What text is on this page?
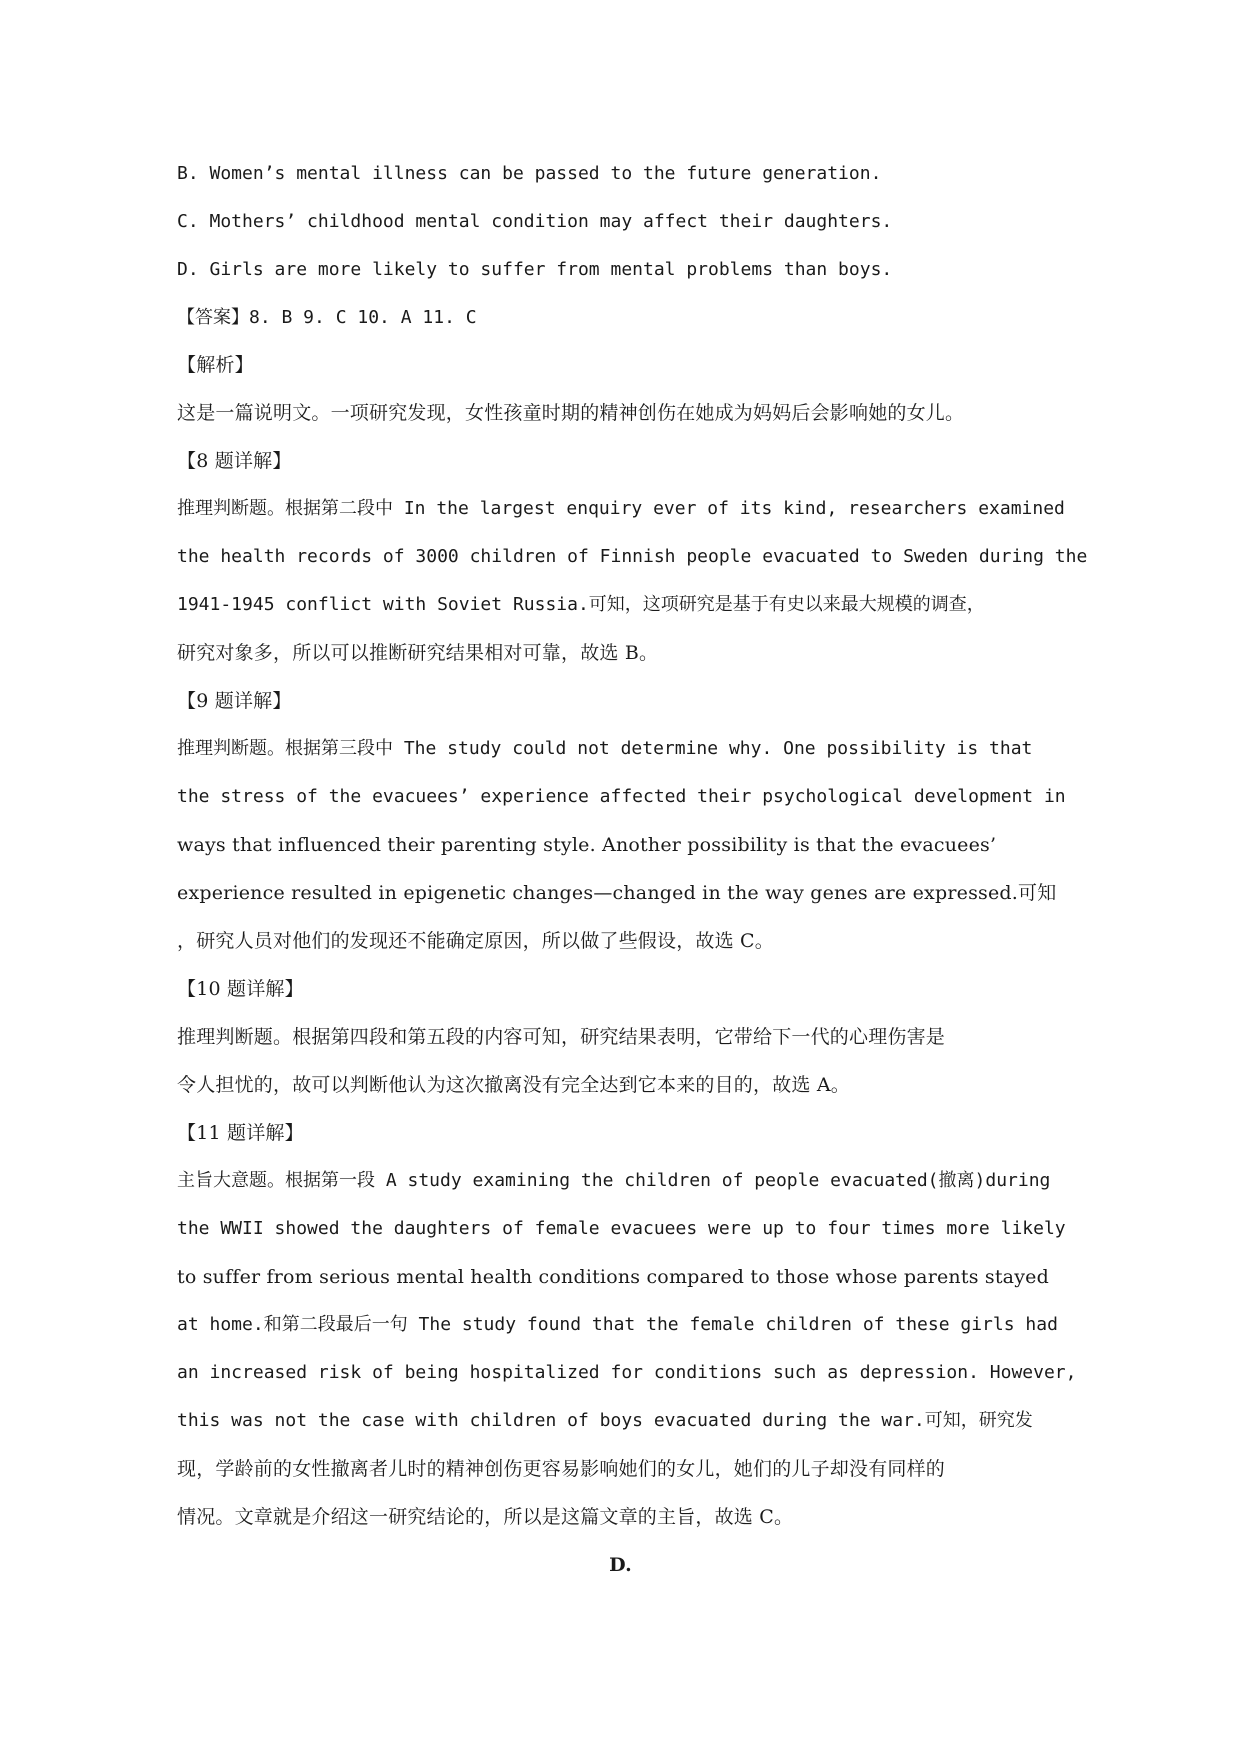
B. Women’s mental illness can be passed to the future generation.
C. Mothers’ childhood mental condition may affect their daughters.
D. Girls are more likely to suffer from mental problems than boys.
【答案】8. B 9. C 10. A 11. C
【解析】
这是一篇说明文。一项研究发现，女性孩童时期的精神创伤在她成为妈妈后会影响她的女儿。
【8 题详解】
推理判断题。根据第二段中 In the largest enquiry ever of its kind, researchers examined
the health records of 3000 children of Finnish people evacuated to Sweden during the
1941-1945 conflict with Soviet Russia.可知，这项研究是基于有史以来最大规模的调查，
研究对象多，所以可以推断研究结果相对可靠，故选 B。
【9 题详解】
推理判断题。根据第三段中 The study could not determine why. One possibility is that
the stress of the evacuees’ experience affected their psychological development in
ways that influenced their parenting style. Another possibility is that the evacuees’
experience resulted in epigenetic changes—changed in the way genes are expressed.可知
，研究人员对他们的发现还不能确定原因，所以做了些假设，故选 C。
【10 题详解】
推理判断题。根据第四段和第五段的内容可知，研究结果表明，它带给下一代的心理伤害是
令人担忧的，故可以判断他认为这次撤离没有完全达到它本来的目的，故选 A。
【11 题详解】
主旨大意题。根据第一段 A study examining the children of people evacuated(撤离)during
the WWII showed the daughters of female evacuees were up to four times more likely
to suffer from serious mental health conditions compared to those whose parents stayed
at home.和第二段最后一句 The study found that the female children of these girls had
an increased risk of being hospitalized for conditions such as depression. However,
this was not the case with children of boys evacuated during the war.可知，研究发
现，学龄前的女性撤离者儿时的精神创伤更容易影响她们的女儿，她们的儿子却没有同样的
情况。文章就是介绍这一研究结论的，所以是这篇文章的主旨，故选 C。
D.
